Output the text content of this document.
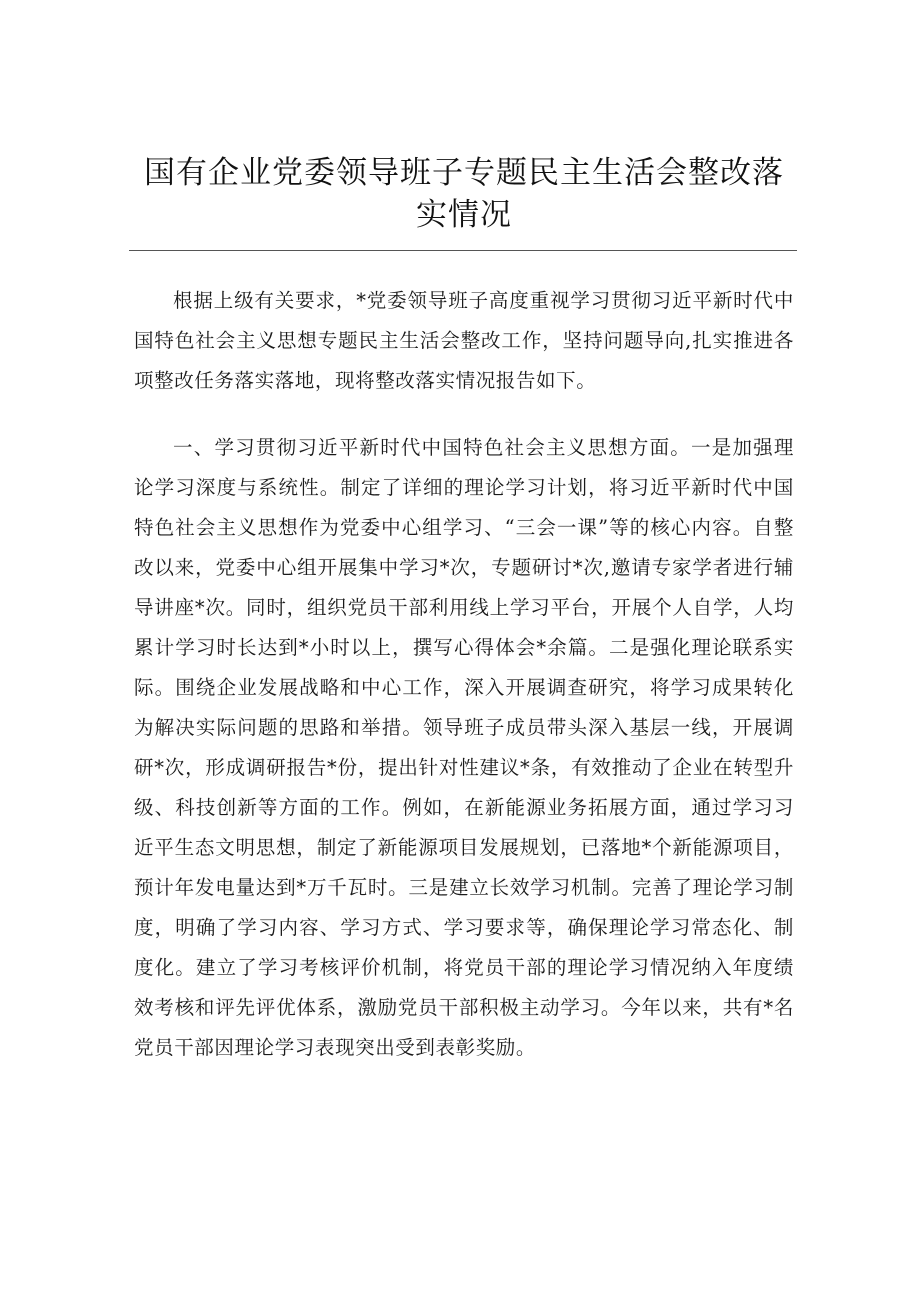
国有企业党委领导班子专题民主生活会整改落实情况

根据上级有关要求，*党委领导班子高度重视学习贯彻习近平新时代中国特色社会主义思想专题民主生活会整改工作，坚持问题导向,扎实推进各项整改任务落实落地，现将整改落实情况报告如下。

一、学习贯彻习近平新时代中国特色社会主义思想方面。一是加强理论学习深度与系统性。制定了详细的理论学习计划，将习近平新时代中国特色社会主义思想作为党委中心组学习、“三会一课”等的核心内容。自整改以来，党委中心组开展集中学习*次，专题研讨*次,邀请专家学者进行辅导讲座*次。同时，组织党员干部利用线上学习平台，开展个人自学，人均累计学习时长达到*小时以上，撰写心得体会*余篇。二是强化理论联系实际。围绕企业发展战略和中心工作，深入开展调查研究，将学习成果转化为解决实际问题的思路和举措。领导班子成员带头深入基层一线，开展调研*次，形成调研报告*份，提出针对性建议*条，有效推动了企业在转型升级、科技创新等方面的工作。例如，在新能源业务拓展方面，通过学习习近平生态文明思想，制定了新能源项目发展规划，已落地*个新能源项目，预计年发电量达到*万千瓦时。三是建立长效学习机制。完善了理论学习制度，明确了学习内容、学习方式、学习要求等，确保理论学习常态化、制度化。建立了学习考核评价机制，将党员干部的理论学习情况纳入年度绩效考核和评先评优体系，激励党员干部积极主动学习。今年以来，共有*名党员干部因理论学习表现突出受到表彰奖励。
